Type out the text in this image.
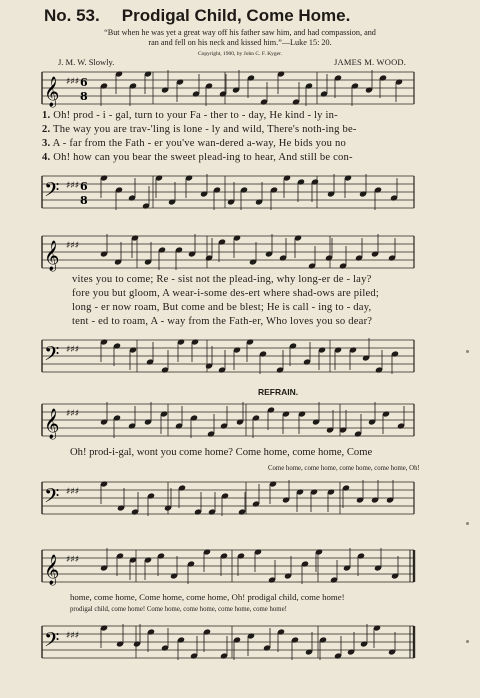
No. 53. Prodigal Child, Come Home.
“But when he was yet a great way off his father saw him, and had compassion, and
ran and fell on his neck and kissed him.”—Luke 15: 20.
Copyright, 1900, by John C. F. Kyger.
J. M. W. Slowly.	JAMES M. WOOD.
𝄞 ♯♯♯ 6
8
1. Oh! prod - i - gal, turn to your Fa - ther to - day, He kind - ly in-
2. The way you are trav-'ling is lone - ly and wild, There's noth-ing be-
3. A - far from the Fath - er you've wan-dered a-way, He bids you no
4. Oh! how can you bear the sweet plead-ing to hear, And still be con-
𝄢 ♯♯♯ 6
8
𝄞 ♯♯♯
vites you to come; Re - sist not the plead-ing, why long-er de - lay?
fore you but gloom, A wear-i-some des-ert where shad-ows are piled;
long - er now roam, But come and be blest; He is call - ing to - day,
tent - ed to roam, A - way from the Fath-er, Who loves you so dear?
𝄢 ♯♯♯
REFRAIN.
𝄞 ♯♯♯
Oh! prod-i-gal, wont you come home? Come home, come home, Come
Come home, come home, come home, come home, Oh!
𝄢 ♯♯♯
𝄞 ♯♯♯
home, come home, Come home, come home, Oh! prodigal child, come home!
prodigal child, come home! Come home, come home, come home, come home!
𝄢 ♯♯♯
